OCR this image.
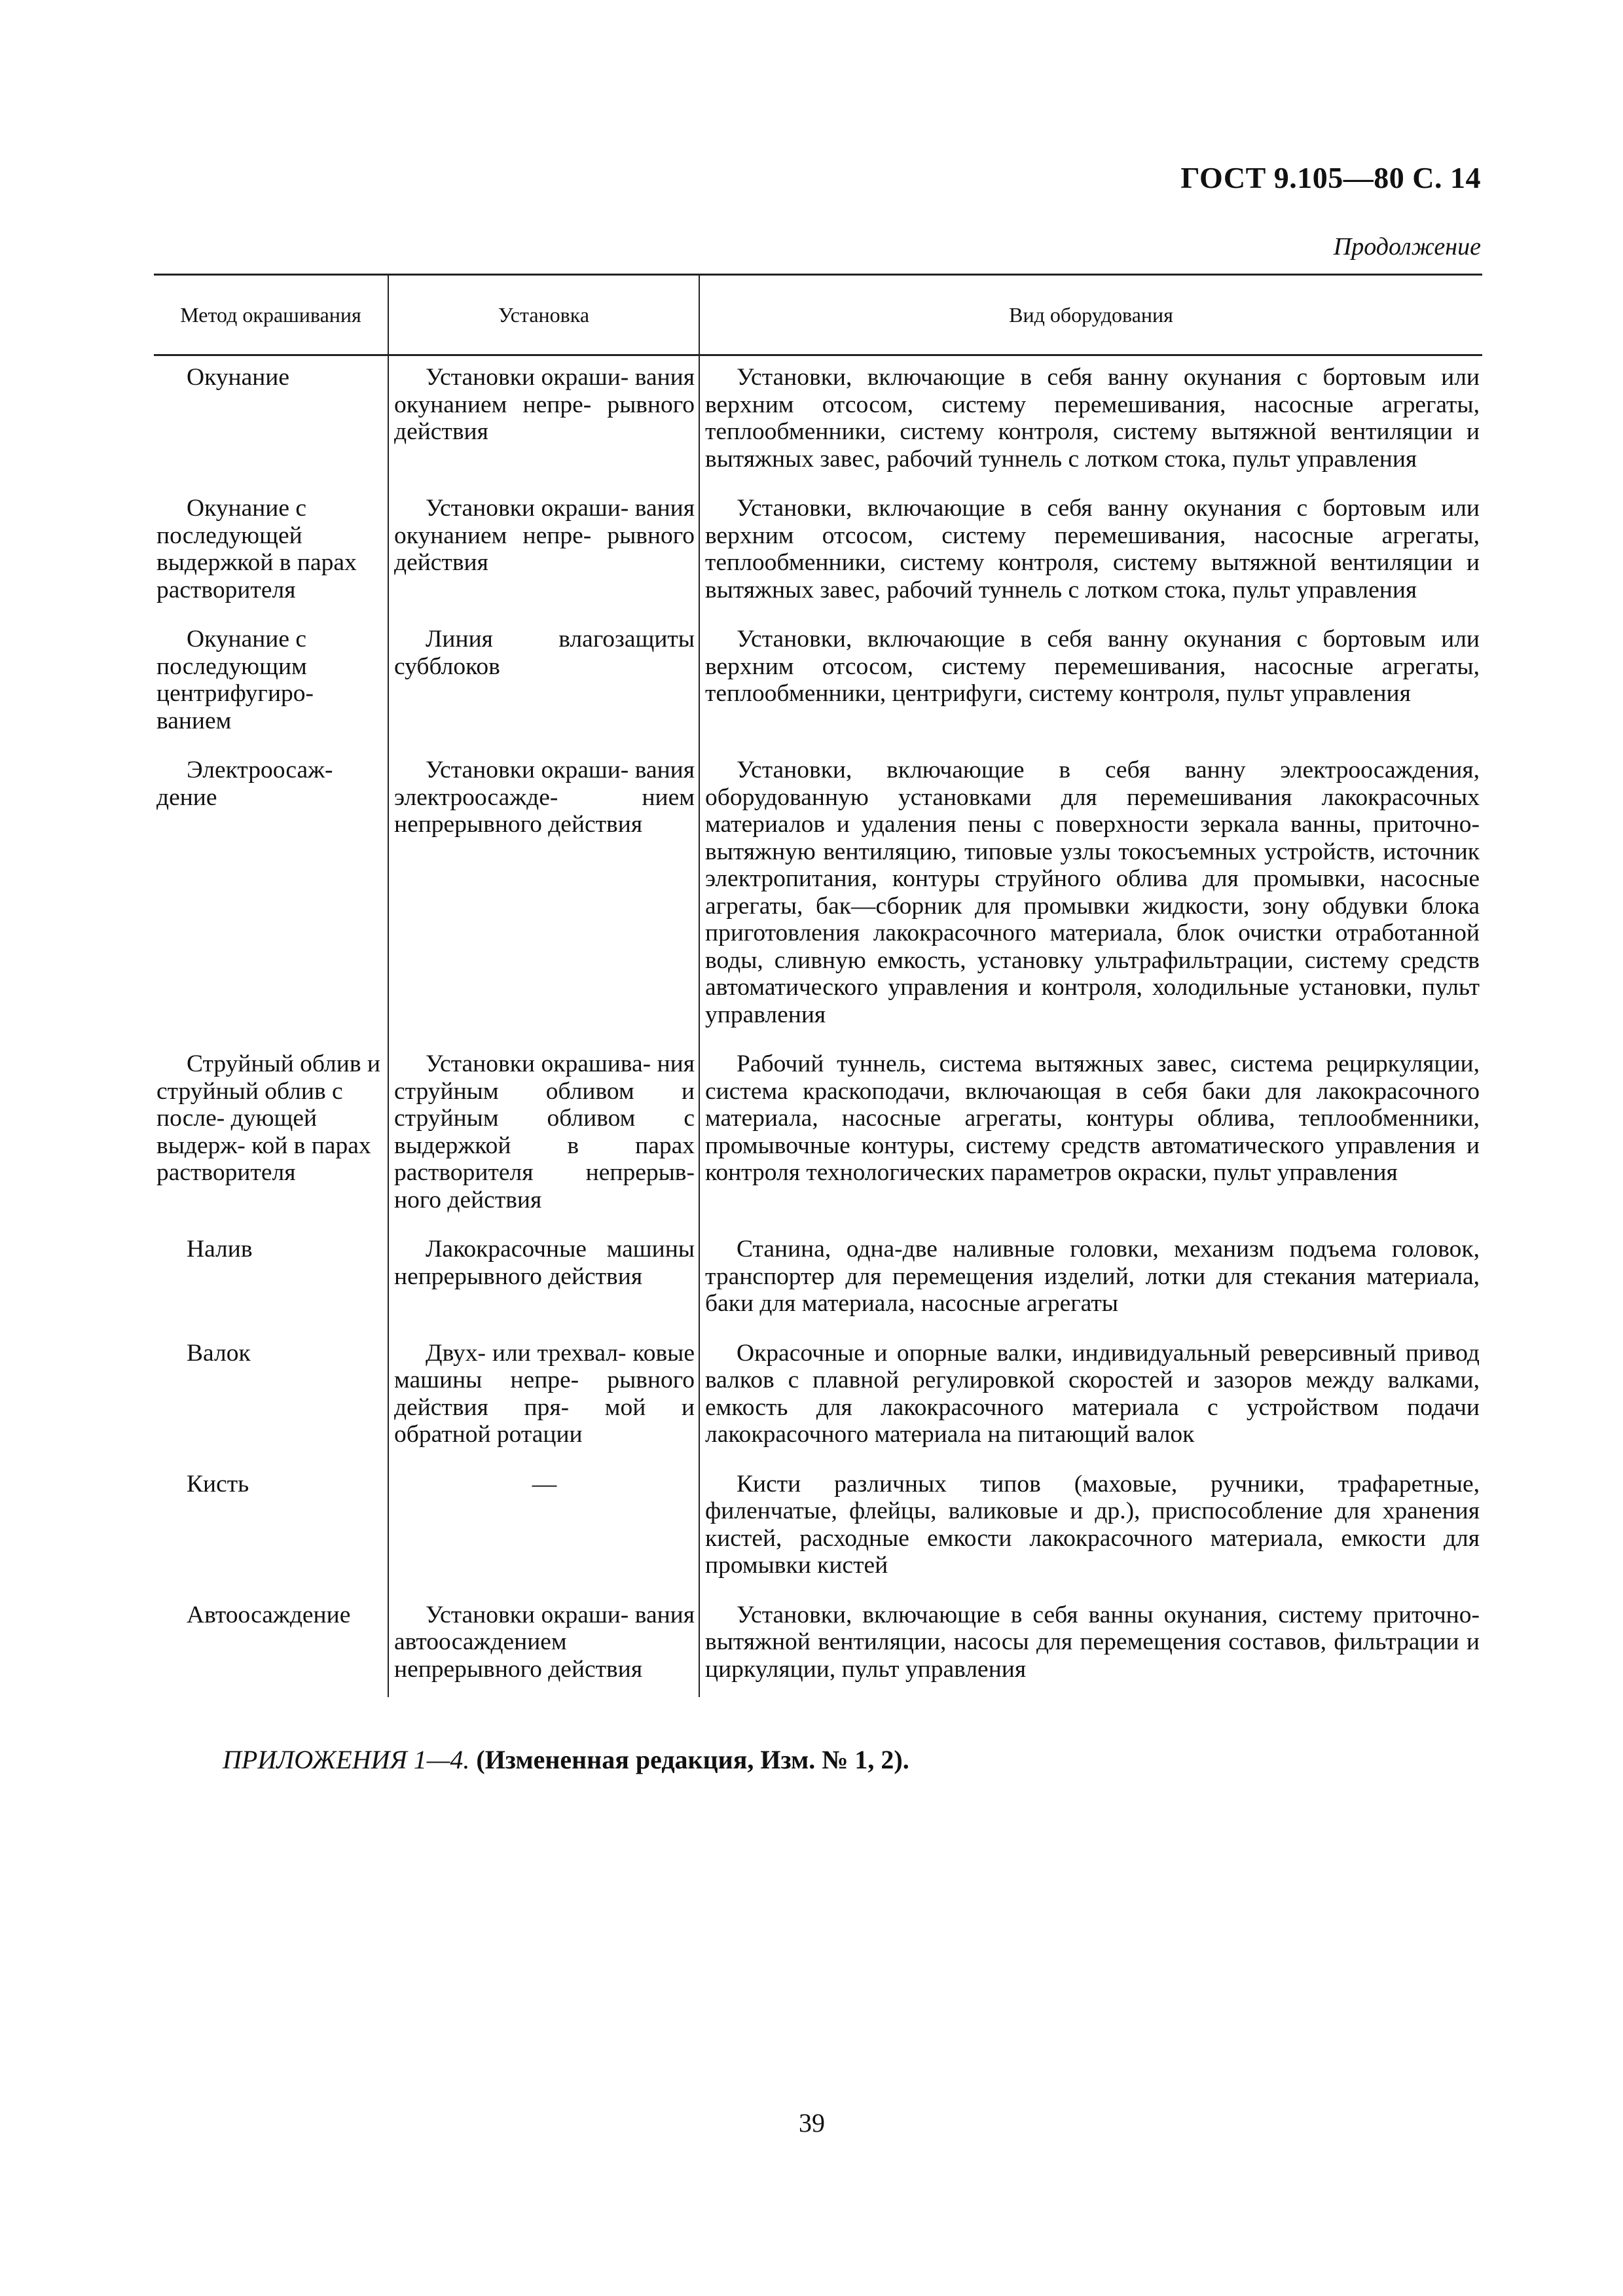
ГОСТ 9.105—80 С. 14
Продолжение
Метод окрашивания	Установка	Вид оборудования

Окунание	Установки окраши- вания окунанием непре- рывного действия	Установки, включающие в себя ванну окунания с бортовым или верхним отсосом, систему перемешивания, насосные агрегаты, теплообменники, систему контроля, систему вытяжной вентиляции и вытяжных завес, рабочий туннель с лотком стока, пульт управления

Окунание с последующей выдержкой в парах растворителя	Установки окраши- вания окунанием непре- рывного действия	Установки, включающие в себя ванну окунания с бортовым или верхним отсосом, систему перемешивания, насосные агрегаты, теплообменники, систему контроля, систему вытяжной вентиляции и вытяжных завес, рабочий туннель с лотком стока, пульт управления

Окунание с последующим центрифугиро- ванием	Линия влагозащиты субблоков	Установки, включающие в себя ванну окунания с бортовым или верхним отсосом, систему перемешивания, насосные агрегаты, теплообменники, центрифуги, систему контроля, пульт управления

Электроосаж- дение	Установки окраши- вания электроосажде- нием непрерывного действия	Установки, включающие в себя ванну электроосаждения, оборудованную установками для перемешивания лакокрасочных материалов и удаления пены с поверхности зеркала ванны, приточно-вытяжную вентиляцию, типовые узлы токосъемных устройств, источник электропитания, контуры струйного облива для промывки, насосные агрегаты, бак—сборник для промывки жидкости, зону обдувки блока приготовления лакокрасочного материала, блок очистки отработанной воды, сливную емкость, установку ультрафильтрации, систему средств автоматического управления и контроля, холодильные установки, пульт управления

Струйный облив и струйный облив с после- дующей выдерж- кой в парах растворителя	Установки окрашива- ния струйным обливом и струйным обливом с выдержкой в парах растворителя непрерыв- ного действия	Рабочий туннель, система вытяжных завес, система рециркуляции, система краскоподачи, включающая в себя баки для лакокрасочного материала, насосные агрегаты, контуры облива, теплообменники, промывочные контуры, систему средств автоматического управления и контроля технологических параметров окраски, пульт управления

Налив	Лакокрасочные машины непрерывного действия	Станина, одна-две наливные головки, механизм подъема головок, транспортер для перемещения изделий, лотки для стекания материала, баки для материала, насосные агрегаты

Валок	Двух- или трехвал- ковые машины непре- рывного действия пря- мой и обратной ротации	Окрасочные и опорные валки, индивидуальный реверсивный привод валков с плавной регулировкой скоростей и зазоров между валками, емкость для лакокрасочного материала с устройством подачи лакокрасочного материала на питающий валок

Кисть	—	Кисти различных типов (маховые, ручники, трафаретные, филенчатые, флейцы, валиковые и др.), приспособление для хранения кистей, расходные емкости лакокрасочного материала, емкости для промывки кистей

Автоосаждение	Установки окраши- вания автоосаждением непрерывного действия	Установки, включающие в себя ванны окунания, систему приточно-вытяжной вентиляции, насосы для перемещения составов, фильтрации и циркуляции, пульт управления
ПРИЛОЖЕНИЯ 1—4. (Измененная редакция, Изм. № 1, 2).
39
